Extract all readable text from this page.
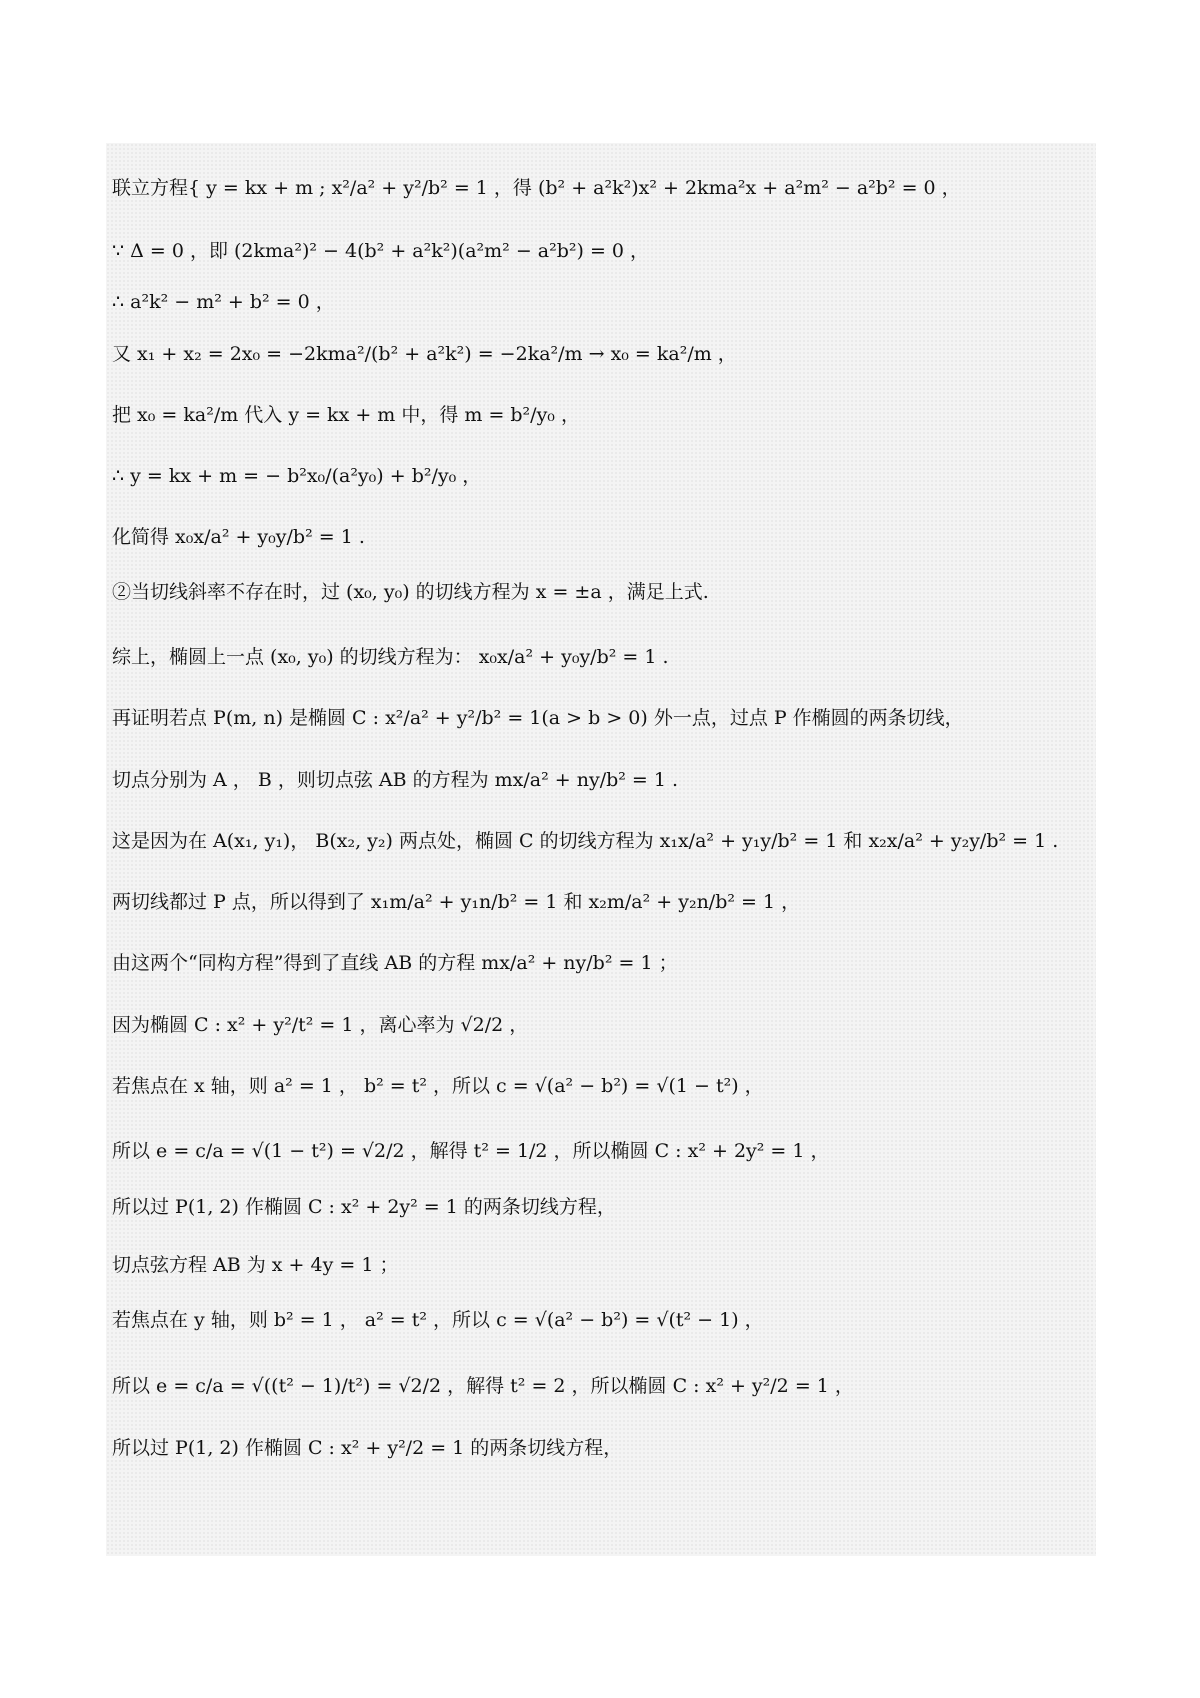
联立方程{ y = kx + m ; x²/a² + y²/b² = 1 ，得 (b² + a²k²)x² + 2kma²x + a²m² − a²b² = 0 ，
∵ Δ = 0 ，即 (2kma²)² − 4(b² + a²k²)(a²m² − a²b²) = 0 ，
∴ a²k² − m² + b² = 0 ，
又 x₁ + x₂ = 2x₀ = −2kma²/(b² + a²k²) = −2ka²/m → x₀ = ka²/m ，
把 x₀ = ka²/m 代入 y = kx + m 中，得 m = b²/y₀ ，
∴ y = kx + m = − b²x₀/(a²y₀) + b²/y₀ ，
化简得 x₀x/a² + y₀y/b² = 1 .
②当切线斜率不存在时，过 (x₀, y₀) 的切线方程为 x = ±a ，满足上式.
综上，椭圆上一点 (x₀, y₀) 的切线方程为： x₀x/a² + y₀y/b² = 1 .
再证明若点 P(m, n) 是椭圆 C : x²/a² + y²/b² = 1(a > b > 0) 外一点，过点 P 作椭圆的两条切线，
切点分别为 A ， B ，则切点弦 AB 的方程为 mx/a² + ny/b² = 1 .
这是因为在 A(x₁, y₁)， B(x₂, y₂) 两点处，椭圆 C 的切线方程为 x₁x/a² + y₁y/b² = 1 和 x₂x/a² + y₂y/b² = 1 .
两切线都过 P 点，所以得到了 x₁m/a² + y₁n/b² = 1 和 x₂m/a² + y₂n/b² = 1 ，
由这两个“同构方程”得到了直线 AB 的方程 mx/a² + ny/b² = 1 ；
因为椭圆 C : x² + y²/t² = 1 ，离心率为 √2/2 ，
若焦点在 x 轴，则 a² = 1 ， b² = t² ，所以 c = √(a² − b²) = √(1 − t²) ，
所以 e = c/a = √(1 − t²) = √2/2 ，解得 t² = 1/2 ，所以椭圆 C : x² + 2y² = 1 ，
所以过 P(1, 2) 作椭圆 C : x² + 2y² = 1 的两条切线方程，
切点弦方程 AB 为 x + 4y = 1 ；
若焦点在 y 轴，则 b² = 1 ， a² = t² ，所以 c = √(a² − b²) = √(t² − 1) ，
所以 e = c/a = √((t² − 1)/t²) = √2/2 ，解得 t² = 2 ，所以椭圆 C : x² + y²/2 = 1 ，
所以过 P(1, 2) 作椭圆 C : x² + y²/2 = 1 的两条切线方程，
